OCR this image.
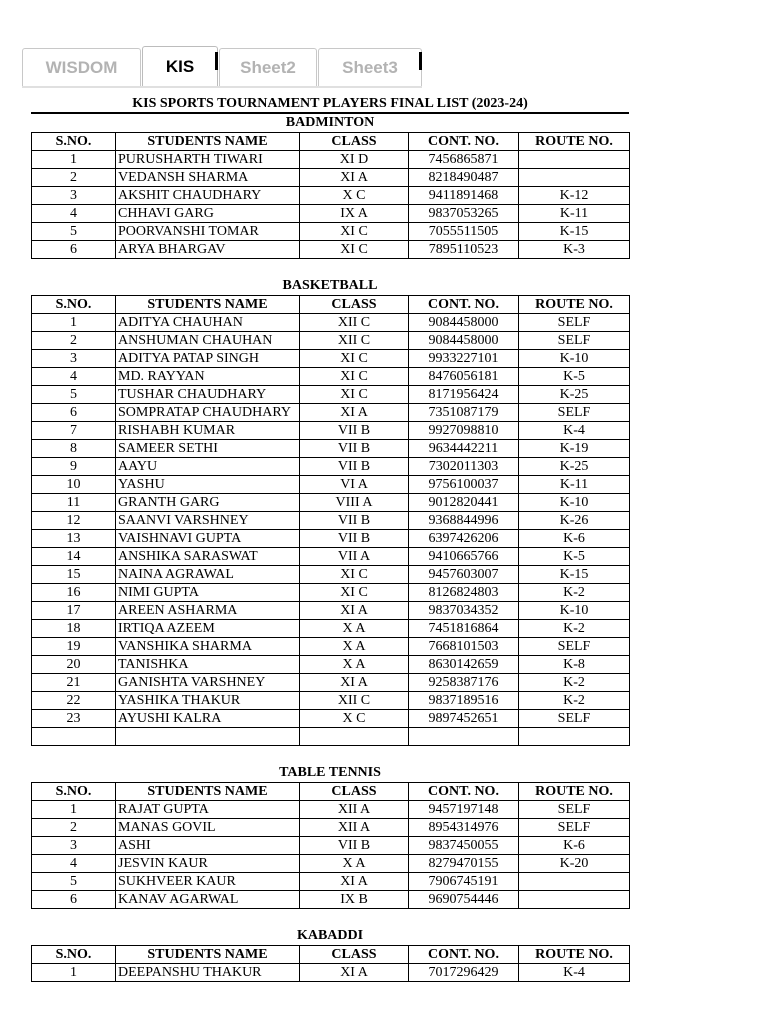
WISDOM	KIS	Sheet2	Sheet3
KIS SPORTS TOURNAMENT PLAYERS FINAL LIST (2023-24)
BADMINTON
S.NO.	STUDENTS NAME	CLASS	CONT. NO.	ROUTE NO.
1	PURUSHARTH TIWARI	XI D	7456865871	
2	VEDANSH SHARMA	XI A	8218490487	
3	AKSHIT CHAUDHARY	X C	9411891468	K-12
4	CHHAVI GARG	IX A	9837053265	K-11
5	POORVANSHI TOMAR	XI C	7055511505	K-15
6	ARYA BHARGAV	XI C	7895110523	K-3
BASKETBALL
S.NO.	STUDENTS NAME	CLASS	CONT. NO.	ROUTE NO.
1	ADITYA CHAUHAN	XII C	9084458000	SELF
2	ANSHUMAN CHAUHAN	XII C	9084458000	SELF
3	ADITYA PATAP SINGH	XI C	9933227101	K-10
4	MD. RAYYAN	XI C	8476056181	K-5
5	TUSHAR CHAUDHARY	XI C	8171956424	K-25
6	SOMPRATAP CHAUDHARY	XI A	7351087179	SELF
7	RISHABH KUMAR	VII B	9927098810	K-4
8	SAMEER SETHI	VII B	9634442211	K-19
9	AAYU	VII B	7302011303	K-25
10	YASHU	VI A	9756100037	K-11
11	GRANTH GARG	VIII A	9012820441	K-10
12	SAANVI VARSHNEY	VII B	9368844996	K-26
13	VAISHNAVI GUPTA	VII B	6397426206	K-6
14	ANSHIKA SARASWAT	VII A	9410665766	K-5
15	NAINA AGRAWAL	XI C	9457603007	K-15
16	NIMI GUPTA	XI C	8126824803	K-2
17	AREEN ASHARMA	XI A	9837034352	K-10
18	IRTIQA AZEEM	X A	7451816864	K-2
19	VANSHIKA SHARMA	X A	7668101503	SELF
20	TANISHKA	X A	8630142659	K-8
21	GANISHTA VARSHNEY	XI A	9258387176	K-2
22	YASHIKA THAKUR	XII C	9837189516	K-2
23	AYUSHI KALRA	X C	9897452651	SELF

TABLE TENNIS
S.NO.	STUDENTS NAME	CLASS	CONT. NO.	ROUTE NO.
1	RAJAT GUPTA	XII A	9457197148	SELF
2	MANAS GOVIL	XII A	8954314976	SELF
3	ASHI	VII B	9837450055	K-6
4	JESVIN KAUR	X A	8279470155	K-20
5	SUKHVEER KAUR	XI A	7906745191	
6	KANAV AGARWAL	IX B	9690754446	
KABADDI
S.NO.	STUDENTS NAME	CLASS	CONT. NO.	ROUTE NO.
1	DEEPANSHU THAKUR	XI A	7017296429	K-4
